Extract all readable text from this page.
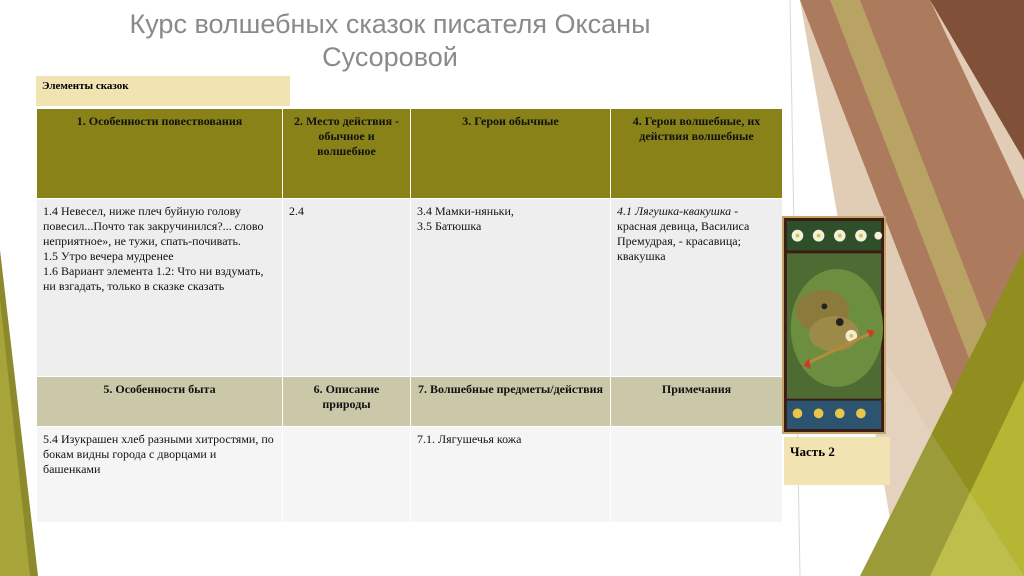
Курс волшебных сказок писателя Оксаны Сусоровой
Элементы сказок
1. Особенности повествования	2. Место действия - обычное и волшебное	3. Герои обычные	4. Герои волшебные, их действия волшебные
1.4 Невесел, ниже плеч буйную голову повесил...Почто так закручинился?... слово неприятное», не тужи, спать-почивать.
1.5 Утро вечера мудренее
1.6 Вариант элемента 1.2: Что ни вздумать, ни взгадать, только в сказке сказать	2.4	3.4 Мамки-няньки,
3.5 Батюшка	4.1 Лягушка-квакушка - красная девица, Василиса Премудрая, - красавица; квакушка
5. Особенности быта	6. Описание природы	7. Волшебные предметы/действия	Примечания
5.4 Изукрашен хлеб разными хитростями, по бокам видны города с дворцами и башенками		7.1. Лягушечья кожа	
Часть 2
